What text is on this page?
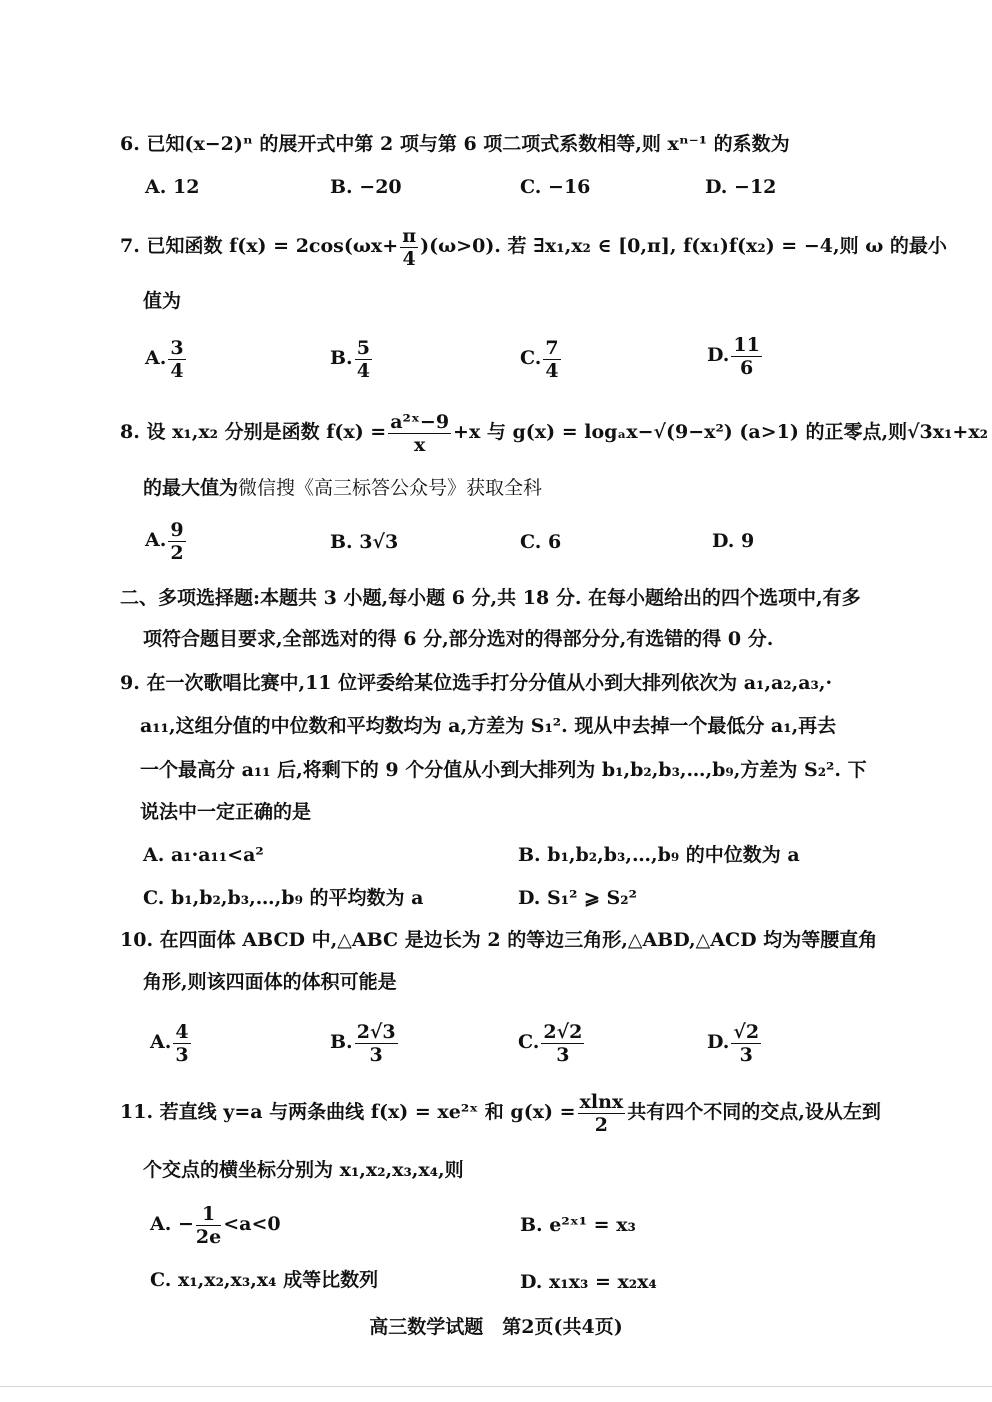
6. 已知(x−2)ⁿ 的展开式中第 2 项与第 6 项二项式系数相等,则 xⁿ⁻¹ 的系数为
A. 12	B. −20	C. −16	D. −12
7. 已知函数 $f(x) = 2\cos(\omega x+ \frac{\pi}{4} )(\omega>0)$. 若 ∃x₁,x₂ ∈ [0,π], f(x₁)f(x₂) = −4,则 ω 的最小
值为
A. $\frac{3}{4}$	B. $\frac{5}{4}$	C. $\frac{7}{4}$	D. $\frac{11}{6}$
8. 设 x₁,x₂ 分别是函数 $f(x) = \frac{\text{a²ˣ−9}}{x} +x$ 与 g(x) = logₐx−√(9−x²) (a>1) 的正零点,则√3x₁+x₂
的最大值为微信搜《高三标答公众号》获取全科
A. $\frac{9}{2}$	B. 3√3	C. 6	D. 9
二、多项选择题:本题共 3 小题,每小题 6 分,共 18 分. 在每小题给出的四个选项中,有多
项符合题目要求,全部选对的得 6 分,部分选对的得部分分,有选错的得 0 分.
9. 在一次歌唱比赛中,11 位评委给某位选手打分分值从小到大排列依次为 a₁,a₂,a₃,·
a₁₁,这组分值的中位数和平均数均为 a,方差为 S₁². 现从中去掉一个最低分 a₁,再去
一个最高分 a₁₁ 后,将剩下的 9 个分值从小到大排列为 b₁,b₂,b₃,…,b₉,方差为 S₂². 下
说法中一定正确的是
A. a₁·a₁₁<a²	B. b₁,b₂,b₃,…,b₉ 的中位数为 a
C. b₁,b₂,b₃,…,b₉ 的平均数为 a	D. S₁² ⩾ S₂²
10. 在四面体 ABCD 中,△ABC 是边长为 2 的等边三角形,△ABD,△ACD 均为等腰直角
角形,则该四面体的体积可能是
A. $\frac{4}{3}$	B. $\frac{2√3}{3}$	C. $\frac{2√2}{3}$	D. $\frac{√2}{3}$
11. 若直线 y=a 与两条曲线 f(x) = xe²ˣ 和 $g(x) = \frac{xlnx}{2}$ 共有四个不同的交点,设从左到
个交点的横坐标分别为 x₁,x₂,x₃,x₄,则
A. − $\frac{1}{2e} <a<0$	B. e²ˣ¹ = x₃
C. x₁,x₂,x₃,x₄ 成等比数列	D. x₁x₃ = x₂x₄
高三数学试题　第2页(共4页)
